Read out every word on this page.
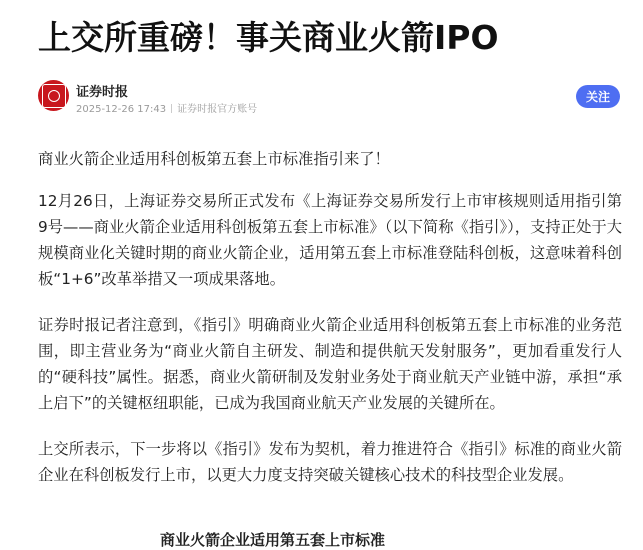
上交所重磅！事关商业火箭IPO
证券时报
2025-12-26 17:43 证券时报官方账号
关注

商业火箭企业适用科创板第五套上市标准指引来了！

12月26日，上海证券交易所正式发布《上海证券交易所发行上市审核规则适用指引第9号——商业火箭企业适用科创板第五套上市标准》（以下简称《指引》），支持正处于大规模商业化关键时期的商业火箭企业，适用第五套上市标准登陆科创板，这意味着科创板“1+6”改革举措又一项成果落地。

证券时报记者注意到，《指引》明确商业火箭企业适用科创板第五套上市标准的业务范围，即主营业务为“商业火箭自主研发、制造和提供航天发射服务”，更加看重发行人的“硬科技”属性。据悉，商业火箭研制及发射业务处于商业航天产业链中游，承担“承上启下”的关键枢纽职能，已成为我国商业航天产业发展的关键所在。

上交所表示，下一步将以《指引》发布为契机，着力推进符合《指引》标准的商业火箭企业在科创板发行上市，以更大力度支持突破关键核心技术的科技型企业发展。

商业火箭企业适用第五套上市标准
